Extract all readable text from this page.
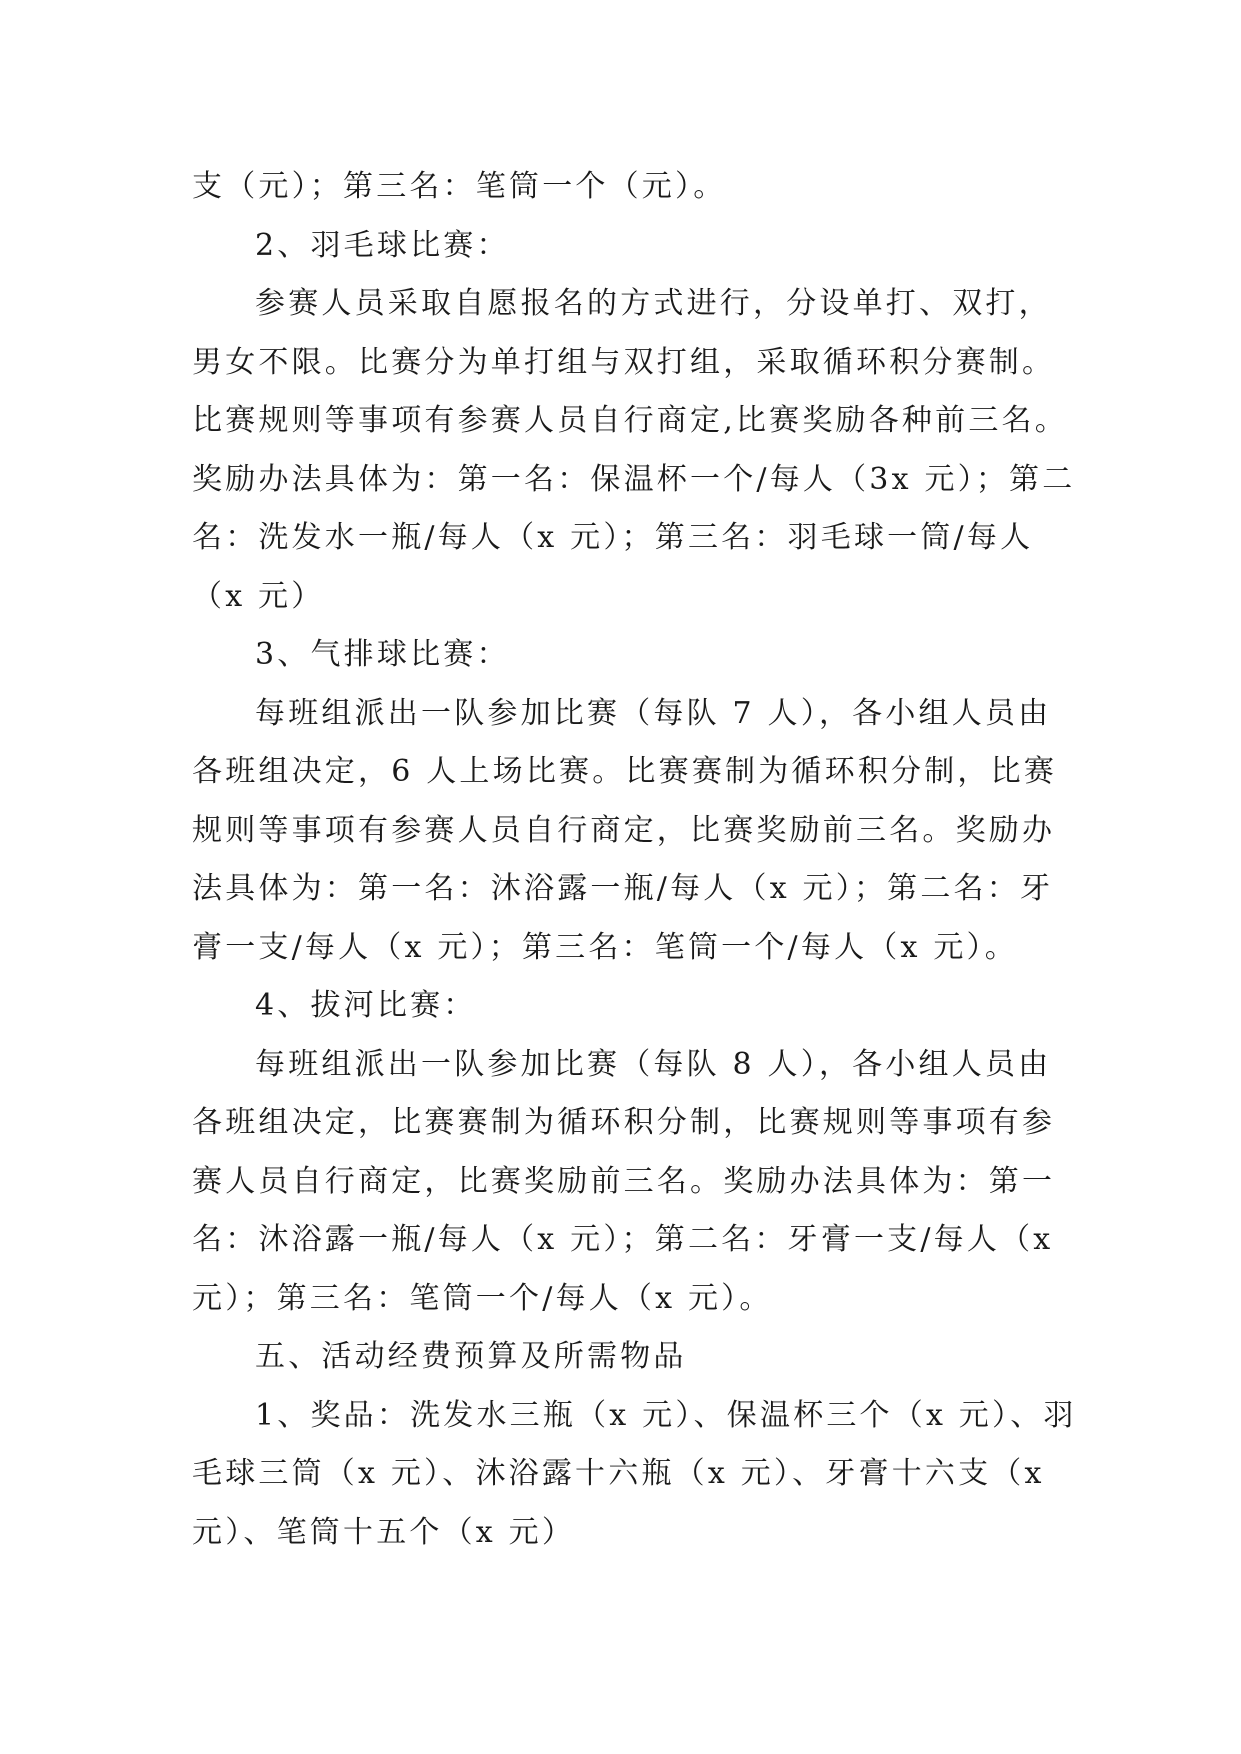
支（元）；第三名：笔筒一个（元）。
2、羽毛球比赛：
参赛人员采取自愿报名的方式进行，分设单打、双打，
男女不限。比赛分为单打组与双打组，采取循环积分赛制。
比赛规则等事项有参赛人员自行商定,比赛奖励各种前三名。
奖励办法具体为：第一名：保温杯一个/每人（3x 元）；第二
名：洗发水一瓶/每人（x 元）；第三名：羽毛球一筒/每人
（x 元）
3、气排球比赛：
每班组派出一队参加比赛（每队 7 人），各小组人员由
各班组决定，6 人上场比赛。比赛赛制为循环积分制，比赛
规则等事项有参赛人员自行商定，比赛奖励前三名。奖励办
法具体为：第一名：沐浴露一瓶/每人（x 元）；第二名：牙
膏一支/每人（x 元）；第三名：笔筒一个/每人（x 元）。
4、拔河比赛：
每班组派出一队参加比赛（每队 8 人），各小组人员由
各班组决定，比赛赛制为循环积分制，比赛规则等事项有参
赛人员自行商定，比赛奖励前三名。奖励办法具体为：第一
名：沐浴露一瓶/每人（x 元）；第二名：牙膏一支/每人（x
元）；第三名：笔筒一个/每人（x 元）。
五、活动经费预算及所需物品
1、奖品：洗发水三瓶（x 元）、保温杯三个（x 元）、羽
毛球三筒（x 元）、沐浴露十六瓶（x 元）、牙膏十六支（x
元）、笔筒十五个（x 元）
